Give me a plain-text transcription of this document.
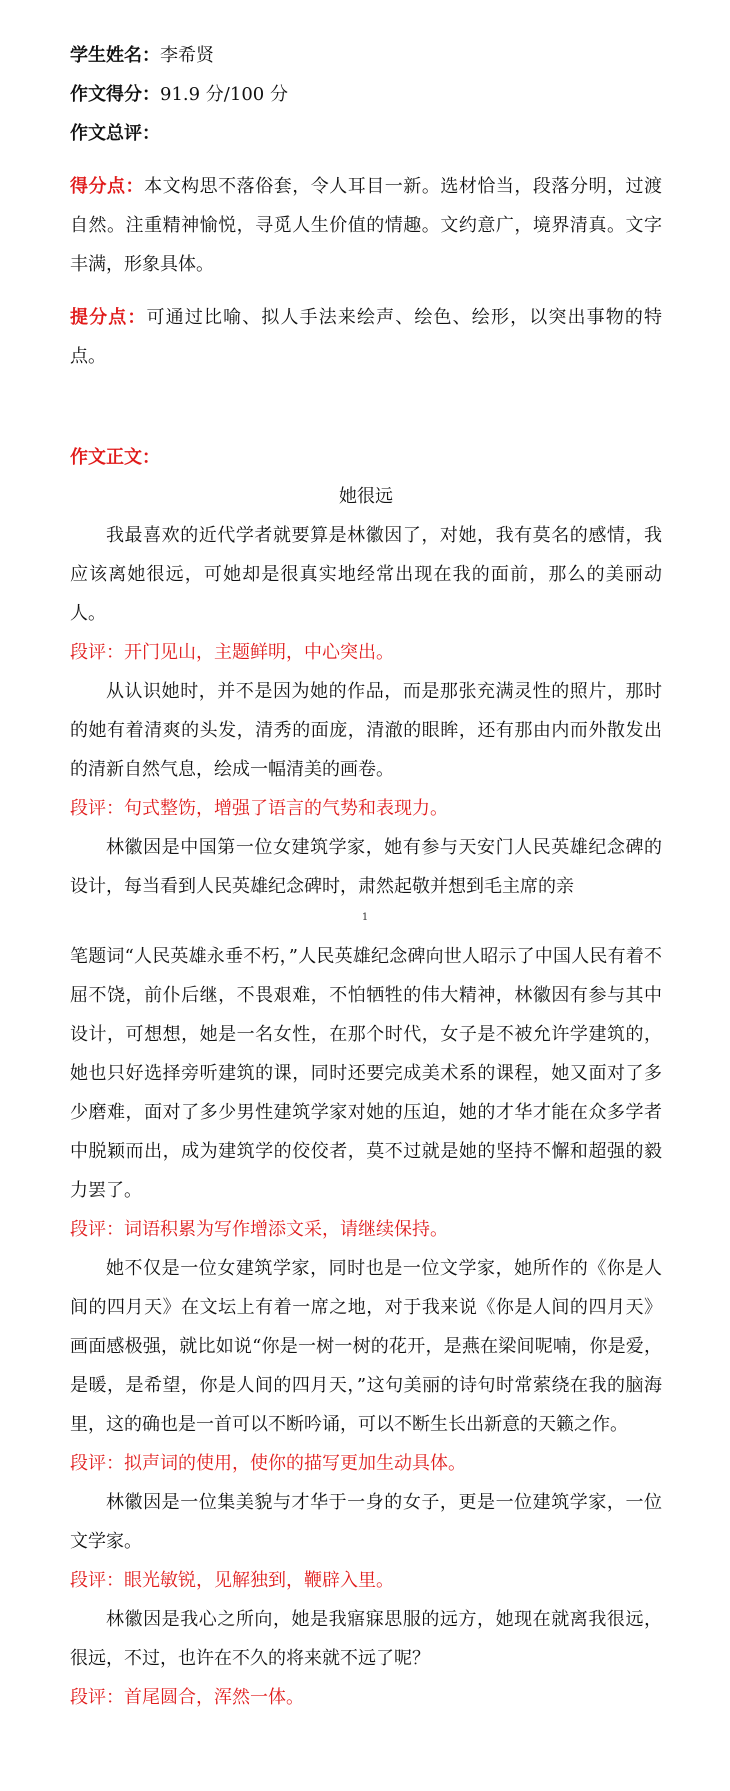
学生姓名：李希贤
作文得分：91.9 分/100 分
作文总评：
得分点：本文构思不落俗套，令人耳目一新。选材恰当，段落分明，过渡自然。注重精神愉悦，寻觅人生价值的情趣。文约意广，境界清真。文字丰满，形象具体。
提分点：可通过比喻、拟人手法来绘声、绘色、绘形，以突出事物的特点。
作文正文：
她很远
我最喜欢的近代学者就要算是林徽因了，对她，我有莫名的感情，我应该离她很远，可她却是很真实地经常出现在我的面前，那么的美丽动人。
段评：开门见山，主题鲜明，中心突出。
从认识她时，并不是因为她的作品，而是那张充满灵性的照片，那时的她有着清爽的头发，清秀的面庞，清澈的眼眸，还有那由内而外散发出的清新自然气息，绘成一幅清美的画卷。
段评：句式整饬，增强了语言的气势和表现力。
林徽因是中国第一位女建筑学家，她有参与天安门人民英雄纪念碑的设计，每当看到人民英雄纪念碑时，肃然起敬并想到毛主席的亲
1
笔题词“人民英雄永垂不朽，”人民英雄纪念碑向世人昭示了中国人民有着不屈不饶，前仆后继，不畏艰难，不怕牺牲的伟大精神，林徽因有参与其中设计，可想想，她是一名女性，在那个时代，女子是不被允许学建筑的，她也只好选择旁听建筑的课，同时还要完成美术系的课程，她又面对了多少磨难，面对了多少男性建筑学家对她的压迫，她的才华才能在众多学者中脱颖而出，成为建筑学的佼佼者，莫不过就是她的坚持不懈和超强的毅力罢了。
段评：词语积累为写作增添文采，请继续保持。
她不仅是一位女建筑学家，同时也是一位文学家，她所作的《你是人间的四月天》在文坛上有着一席之地，对于我来说《你是人间的四月天》画面感极强，就比如说“你是一树一树的花开，是燕在梁间呢喃，你是爱，是暖，是希望，你是人间的四月天，”这句美丽的诗句时常萦绕在我的脑海里，这的确也是一首可以不断吟诵，可以不断生长出新意的天籁之作。
段评：拟声词的使用，使你的描写更加生动具体。
林徽因是一位集美貌与才华于一身的女子，更是一位建筑学家，一位文学家。
段评：眼光敏锐，见解独到，鞭辟入里。
林徽因是我心之所向，她是我寤寐思服的远方，她现在就离我很远，很远，不过，也许在不久的将来就不远了呢？
段评：首尾圆合，浑然一体。
